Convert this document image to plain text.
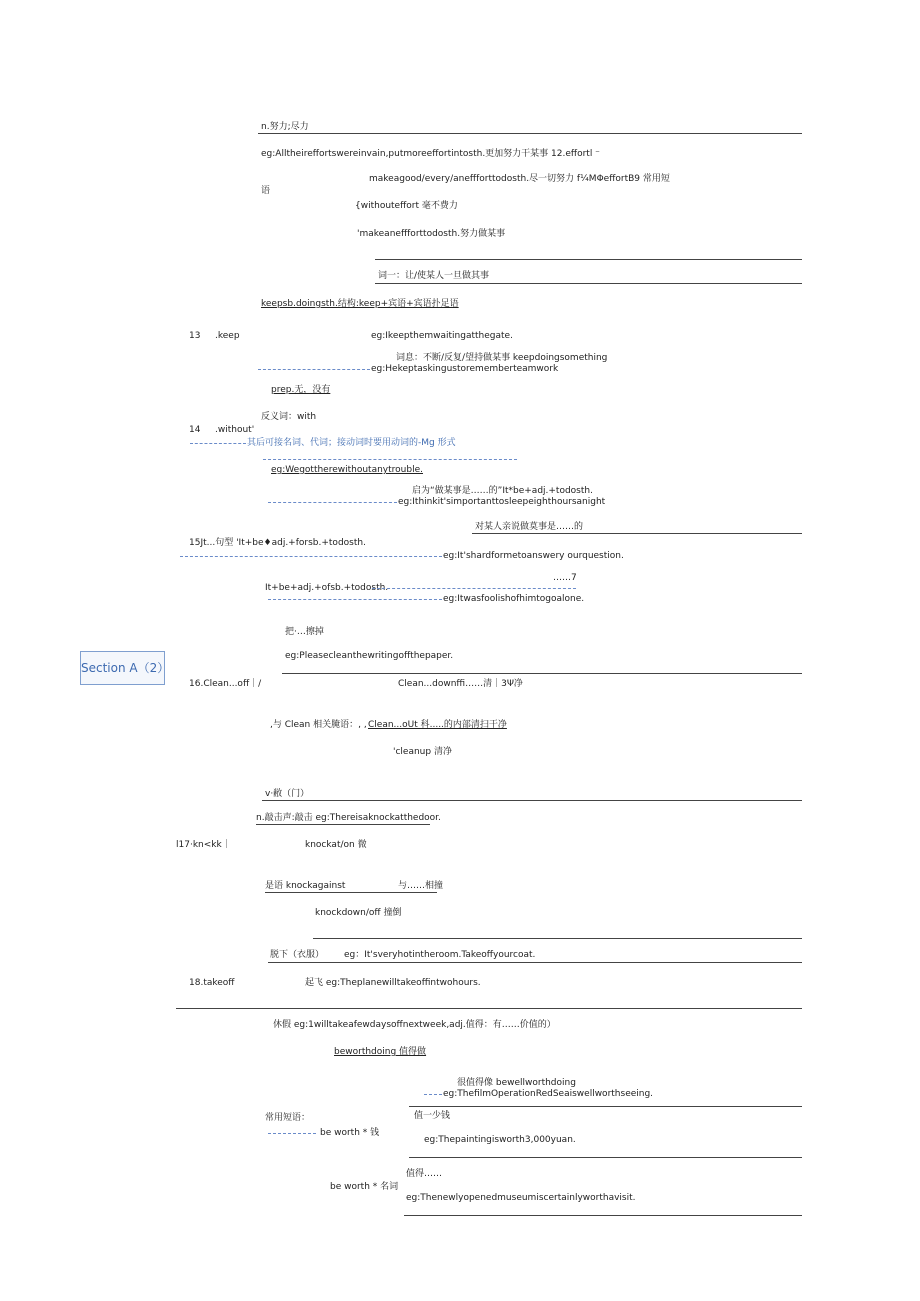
Section A（2）
n.努力;尽力
eg:Alltheireffortswereinvain,putmoreeffortintosth.更加努力干某事 12.effortl ⁻
makeagood/every/aneffforttodosth.尽一切努力 f¼MΦeffortB9 常用短
语
{withouteffort 毫不费力
'makeaneffforttodosth.努力做某事
词一：让/使某人一旦做其事
keepsb.doingsth.结构:keep+宾语+宾语扑足语
13 .keep	eg:Ikeepthemwaitingatthegate.
词息：不断/反复/望持做某事 keepdoingsomething
eg:Hekeptaskingustorememberteamwork
prep.无，没有
反义词：with
14 .without'
其后可接名词、代词；接动词时要用动词的-Mg 形式
eg:Wegottherewithoutanytrouble.
启为“做某事是……的”It*be+adj.+todosth.
eg:Ithinkit'simportanttosleepeighthoursanight
对某人亲说做莫事是……的
15Jt...句型 'It+be♦adj.+forsb.+todosth.
eg:It'shardformetoanswery ourquestion.
……7
It+be+adj.+ofsb.+todosth.
eg:Itwasfoolishofhimtogoalone.
把·…擦掉
eg:Pleasecleanthewritingoffthepaper.
16.Clean...off｜/	Clean...downffi……清｜3Ψ净
,与 Clean 相关腌语：, , Clean...oUt 科.....的内部清扫干净
'cleanup 清净
v·敝（门）
n.敲击声:敲击 eg:Thereisaknockatthedoor.
l17·kn<kk｜	knockat/on 微
是语 knockagainst	与……相撞
knockdown/off 撞倒
脱下（衣服） eg：It'sveryhotintheroom.Takeoffyourcoat.
18.takeoff	起飞 eg:Theplanewilltakeoffintwohours.
休假 eg:1willtakeafewdaysoffnextweek,adj.值得：有……价值的）
beworthdoing 值得做
很值得像 bewellworthdoing
eg:ThefilmOperationRedSeaiswellworthseeing.
常用短语：	值一少钱
be worth * 钱
eg:Thepaintingisworth3,000yuan.
值得……
be worth * 名词
eg:Thenewlyopenedmuseumiscertainlyworthavisit.
